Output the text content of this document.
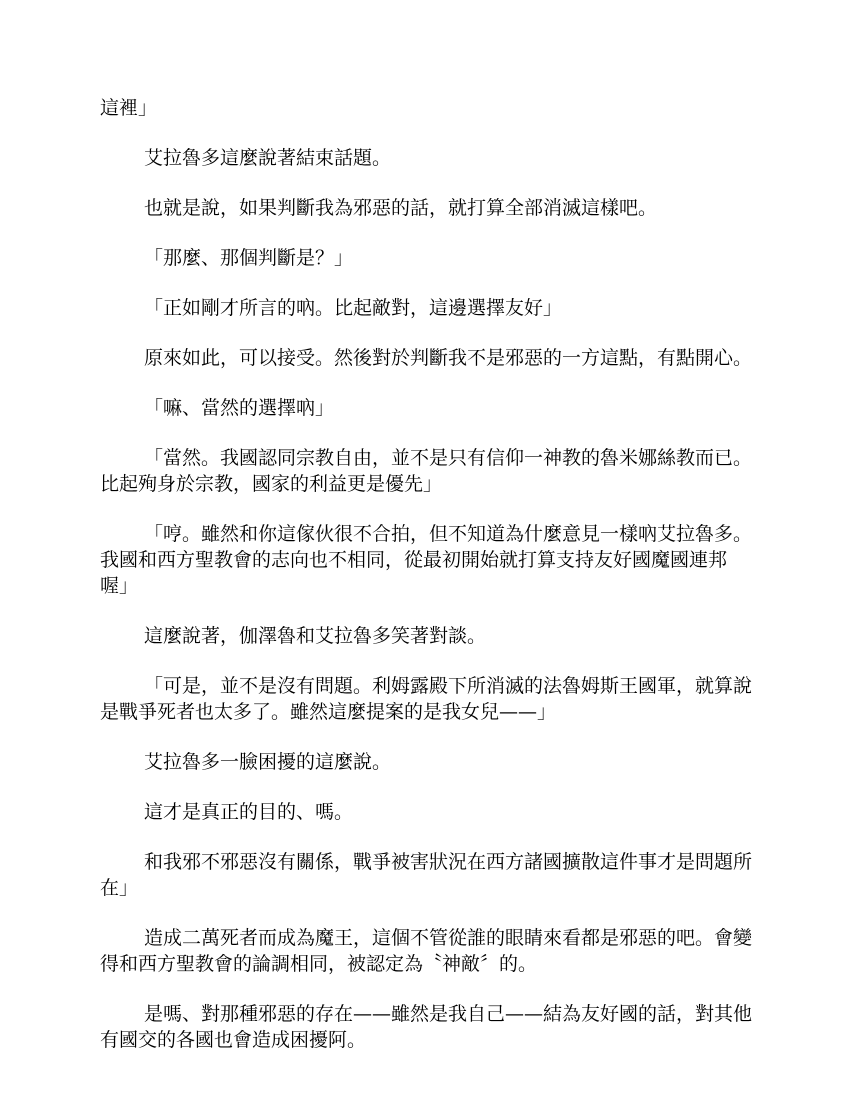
這裡」

艾拉魯多這麼說著結束話題。

也就是說，如果判斷我為邪惡的話，就打算全部消滅這樣吧。

「那麼、那個判斷是？」

「正如剛才所言的吶。比起敵對，這邊選擇友好」

原來如此，可以接受。然後對於判斷我不是邪惡的一方這點，有點開心。

「嘛、當然的選擇吶」

「當然。我國認同宗教自由，並不是只有信仰一神教的魯米娜絲教而已。比起殉身於宗教，國家的利益更是優先」

「哼。雖然和你這傢伙很不合拍，但不知道為什麼意見一樣吶艾拉魯多。我國和西方聖教會的志向也不相同，從最初開始就打算支持友好國魔國連邦喔」

這麼說著，伽澤魯和艾拉魯多笑著對談。

「可是，並不是沒有問題。利姆露殿下所消滅的法魯姆斯王國軍，就算說是戰爭死者也太多了。雖然這麼提案的是我女兒——」

艾拉魯多一臉困擾的這麼說。

這才是真正的目的、嗎。

和我邪不邪惡沒有關係，戰爭被害狀況在西方諸國擴散這件事才是問題所在」

造成二萬死者而成為魔王，這個不管從誰的眼睛來看都是邪惡的吧。會變得和西方聖教會的論調相同，被認定為〝神敵〞的。

是嗎、對那種邪惡的存在——雖然是我自己——結為友好國的話，對其他有國交的各國也會造成困擾阿。
